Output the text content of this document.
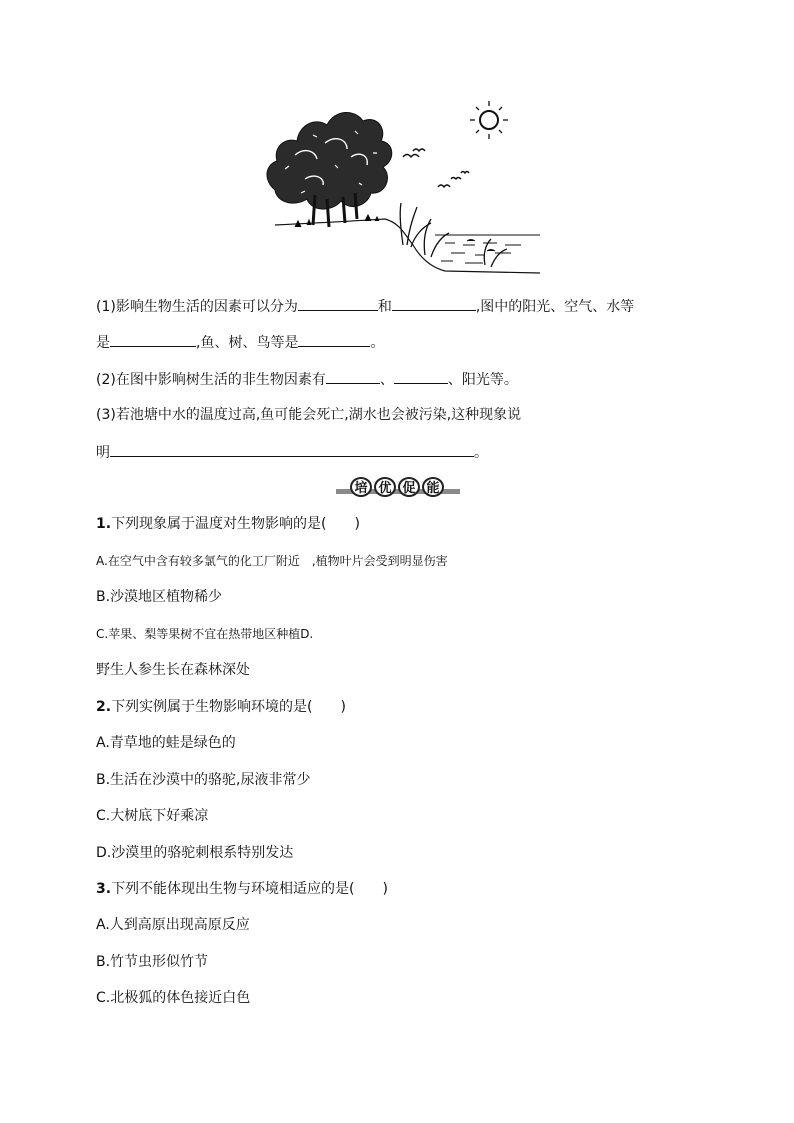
(1)影响生物生活的因素可以分为	和	,图中的阳光、空气、水等
是	,鱼、树、鸟等是	。
(2)在图中影响树生活的非生物因素有	、	、阳光等。
(3)若池塘中水的温度过高,鱼可能会死亡,湖水也会被污染,这种现象说
明	。
培 优 促 能
1.下列现象属于温度对生物影响的是(　　)
A.在空气中含有较多氯气的化工厂附近　,植物叶片会受到明显伤害
B.沙漠地区植物稀少
C.苹果、梨等果树不宜在热带地区种植D.
野生人参生长在森林深处
2.下列实例属于生物影响环境的是(　　)
A.青草地的蛙是绿色的
B.生活在沙漠中的骆驼,尿液非常少
C.大树底下好乘凉
D.沙漠里的骆驼刺根系特别发达
3.下列不能体现出生物与环境相适应的是(　　)
A.人到高原出现高原反应
B.竹节虫形似竹节
C.北极狐的体色接近白色
